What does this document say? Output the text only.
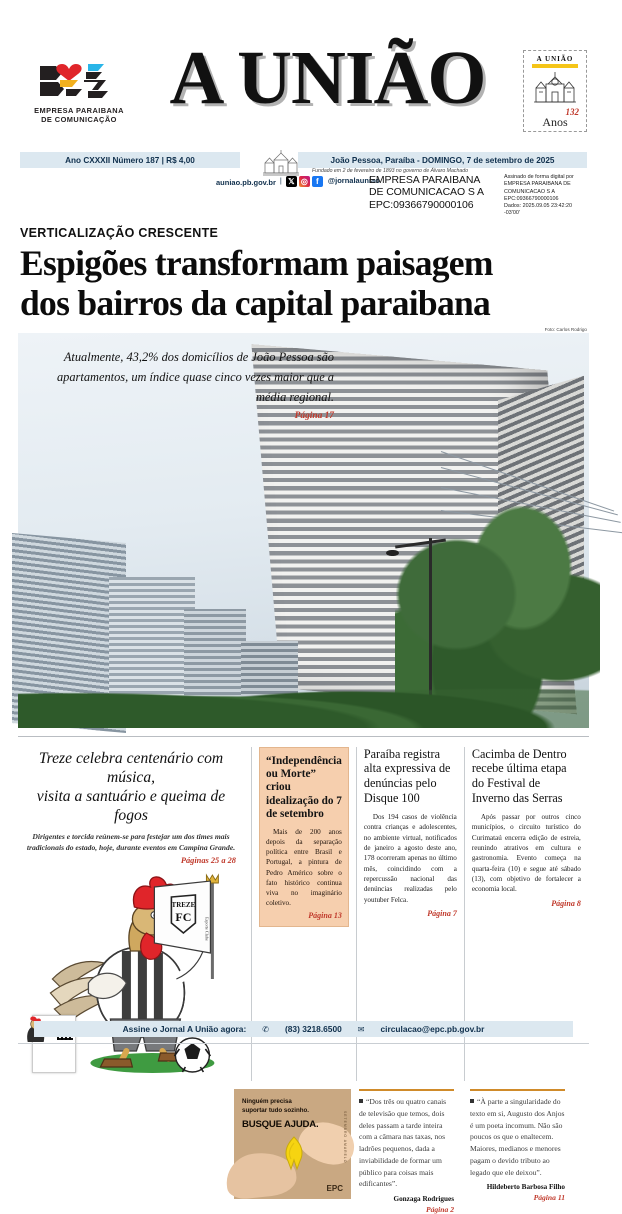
EMPRESA PARAIBANA
DE COMUNICAÇÃO A UNIÃO	A UNIÃO
Anos
132
Ano CXXXII Número 187 | R$ 4,00	João Pessoa, Paraíba - DOMINGO, 7 de setembro de 2025
Fundado em 2 de fevereiro de 1893 no governo de Álvaro Machado
auniao.pb.gov.br | 𝕏 ◎	f	@jornalauniao
EMPRESA PARAIBANA
DE COMUNICACAO S A
EPC:09366790000106
Assinado de forma digital por
EMPRESA PARAIBANA DE
COMUNICACAO S A
EPC:09366790000106
Dados: 2025.09.05 23:42:20 -03'00'
VERTICALIZAÇÃO CRESCENTE
Espigões transformam paisagem
dos bairros da capital paraibana
Foto: Carlos Rodrigo
Atualmente, 43,2% dos domicílios de João Pessoa são apartamentos, um índice quase cinco vezes maior que a média regional.
Página 17
Treze celebra centenário com música,
visita a santuário e queima de fogos
Dirigentes e torcida reúnem-se para festejar um dos times mais tradicionais do estado, hoje, durante eventos em Campina Grande.
Páginas 25 a 28
TREZE
FC
Esporte Clube
“Independência ou Morte” criou idealização do 7 de setembro
Mais de 200 anos depois da separação política entre Brasil e Portugal, a pintura de Pedro Américo sobre o fato histórico continua viva no imaginário coletivo.
Página 13
Paraíba registra alta expressiva de denúncias pelo Disque 100
Dos 194 casos de violência contra crianças e adolescentes, no ambiente virtual, notificados de janeiro a agosto deste ano, 178 ocorreram apenas no último mês, coincidindo com a repercussão nacional das denúncias realizadas pelo youtuber Felca.
Página 7
Cacimba de Dentro recebe última etapa do Festival de Inverno das Serras
Após passar por outros cinco municípios, o circuito turístico do Curimataú encerra edição de estreia, reunindo atrativos em cultura e gastronomia. Evento começa na quarta-feira (10) e segue até sábado (13), com objetivo de fortalecer a economia local.
Página 8
Ninguém precisa
suportar tudo sozinho.
BUSQUE AJUDA.	SETEMBRO AMARELO
EPC
“Dos três ou quatro canais de televisão que temos, dois deles passam a tarde inteira com a câmara nas taxas, nos ladrões pequenos, dada a inviabilidade de formar um público para coisas mais edificantes”.
Gonzaga Rodrigues
Página 2
“À parte a singularidade do texto em si, Augusto dos Anjos é um poeta incomum. Não são poucos os que o enaltecem. Maiores, medianos e menores pagam o devido tributo ao legado que ele deixou”.
Hildeberto Barbosa Filho
Página 11
Assine o Jornal A União agora: ✆ (83) 3218.6500 ✉ circulacao@epc.pb.gov.br
